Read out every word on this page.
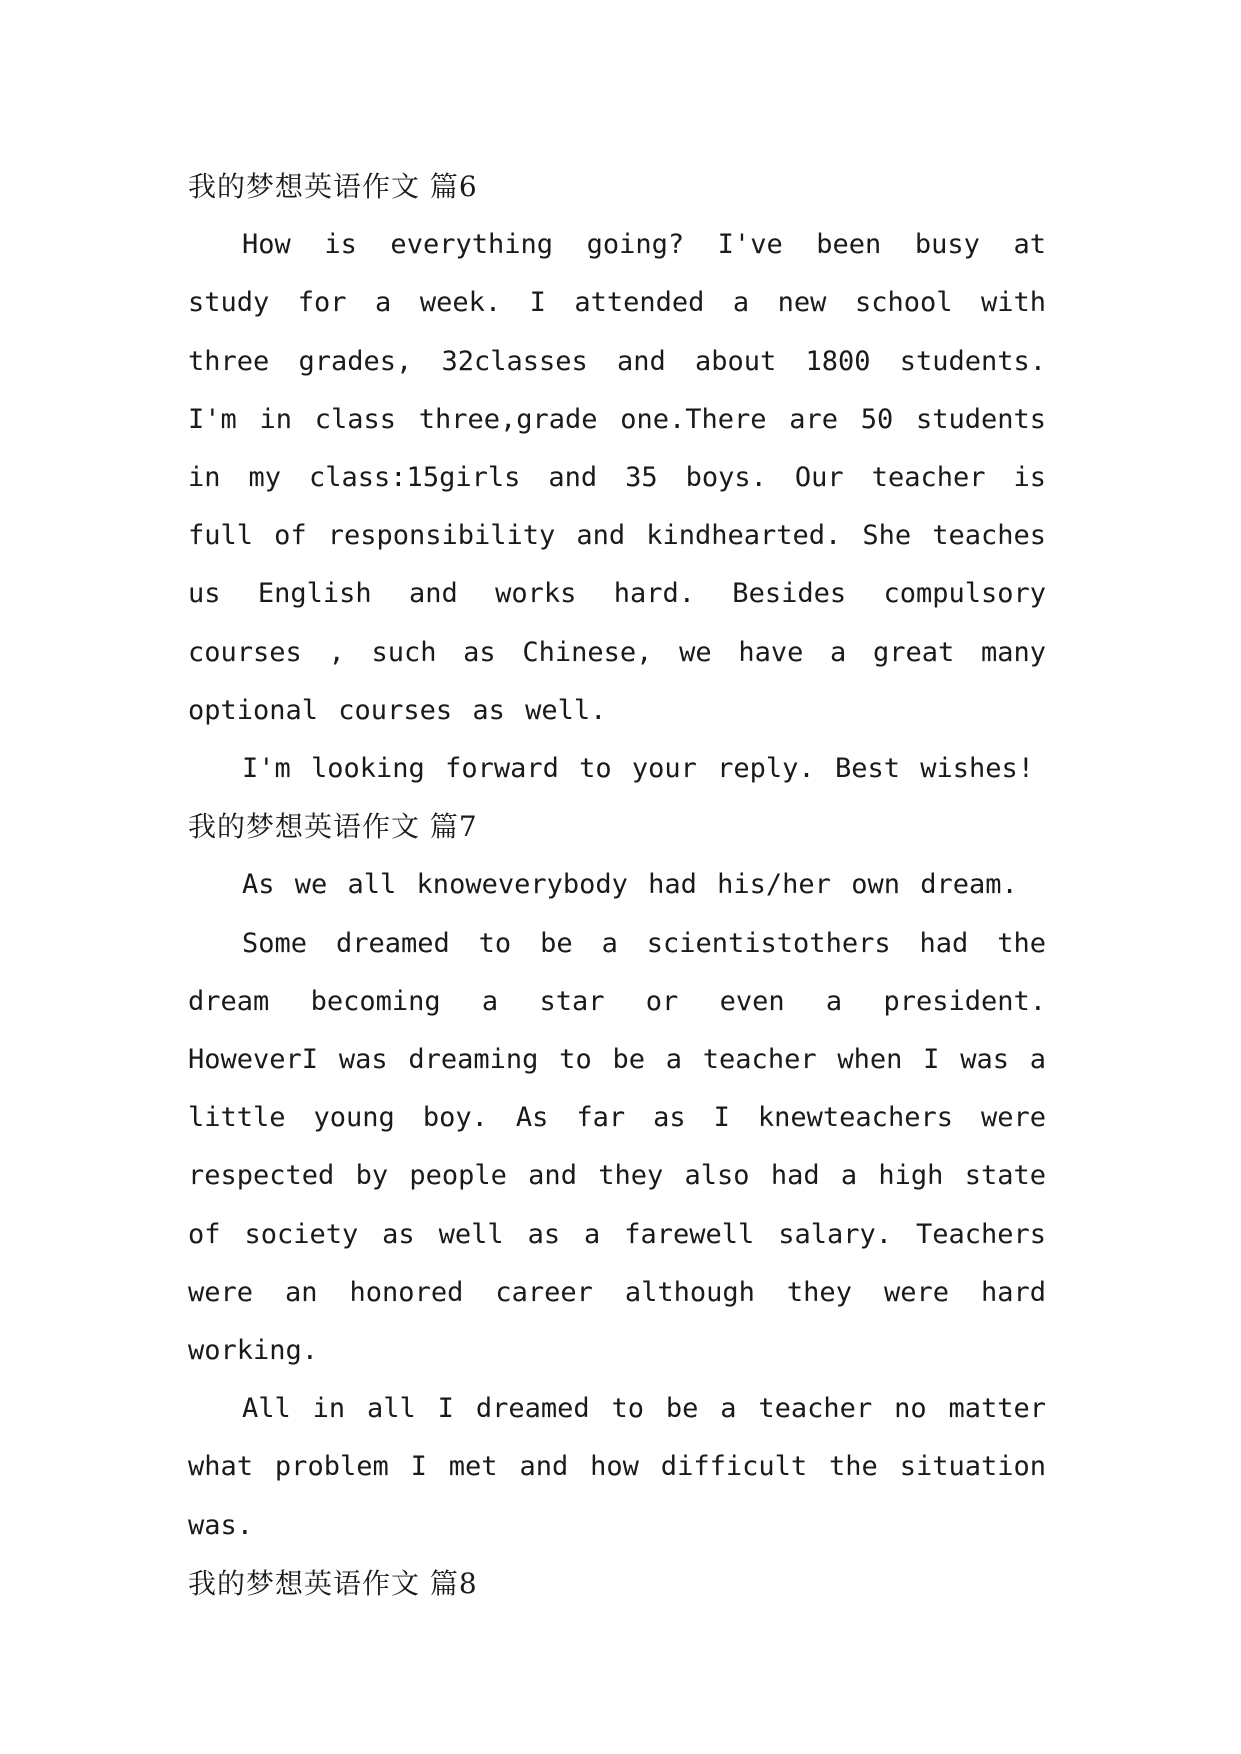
我的梦想英语作文 篇6

How is everything going? I've been busy at study for a week. I attended a new school with three grades, 32classes and about 1800 students. I'm in class three,grade one.There are 50 students in my class:15girls and 35 boys. Our teacher is full of responsibility and kindhearted. She teaches us English and works hard. Besides compulsory courses , such as Chinese, we have a great many optional courses as well.

I'm looking forward to your reply. Best wishes!

我的梦想英语作文 篇7

As we all knoweverybody had his/her own dream.

Some dreamed to be a scientistothers had the dream becoming a star or even a president. HoweverI was dreaming to be a teacher when I was a little young boy. As far as I knewteachers were respected by people and they also had a high state of society as well as a farewell salary. Teachers were an honored career although they were hard working.

All in all I dreamed to be a teacher no matter what problem I met and how difficult the situation was.

我的梦想英语作文 篇8
